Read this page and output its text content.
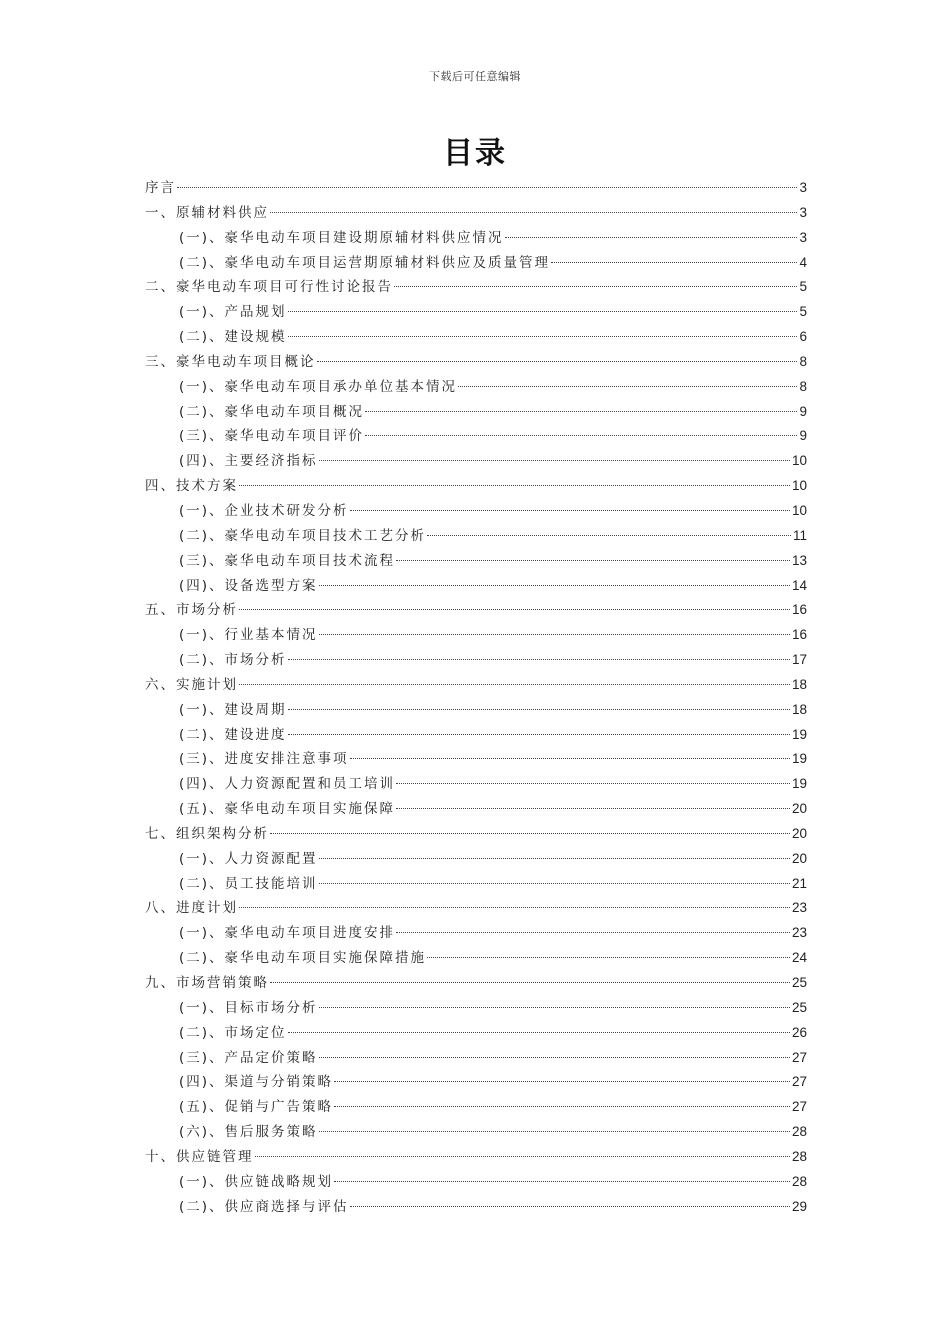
下载后可任意编辑
目录
序言	3
一、原辅材料供应	3
(一)、豪华电动车项目建设期原辅材料供应情况	3
(二)、豪华电动车项目运营期原辅材料供应及质量管理	4
二、豪华电动车项目可行性讨论报告	5
(一)、产品规划	5
(二)、建设规模	6
三、豪华电动车项目概论	8
(一)、豪华电动车项目承办单位基本情况	8
(二)、豪华电动车项目概况	9
(三)、豪华电动车项目评价	9
(四)、主要经济指标	10
四、技术方案	10
(一)、企业技术研发分析	10
(二)、豪华电动车项目技术工艺分析	11
(三)、豪华电动车项目技术流程	13
(四)、设备选型方案	14
五、市场分析	16
(一)、行业基本情况	16
(二)、市场分析	17
六、实施计划	18
(一)、建设周期	18
(二)、建设进度	19
(三)、进度安排注意事项	19
(四)、人力资源配置和员工培训	19
(五)、豪华电动车项目实施保障	20
七、组织架构分析	20
(一)、人力资源配置	20
(二)、员工技能培训	21
八、进度计划	23
(一)、豪华电动车项目进度安排	23
(二)、豪华电动车项目实施保障措施	24
九、市场营销策略	25
(一)、目标市场分析	25
(二)、市场定位	26
(三)、产品定价策略	27
(四)、渠道与分销策略	27
(五)、促销与广告策略	27
(六)、售后服务策略	28
十、供应链管理	28
(一)、供应链战略规划	28
(二)、供应商选择与评估	29
